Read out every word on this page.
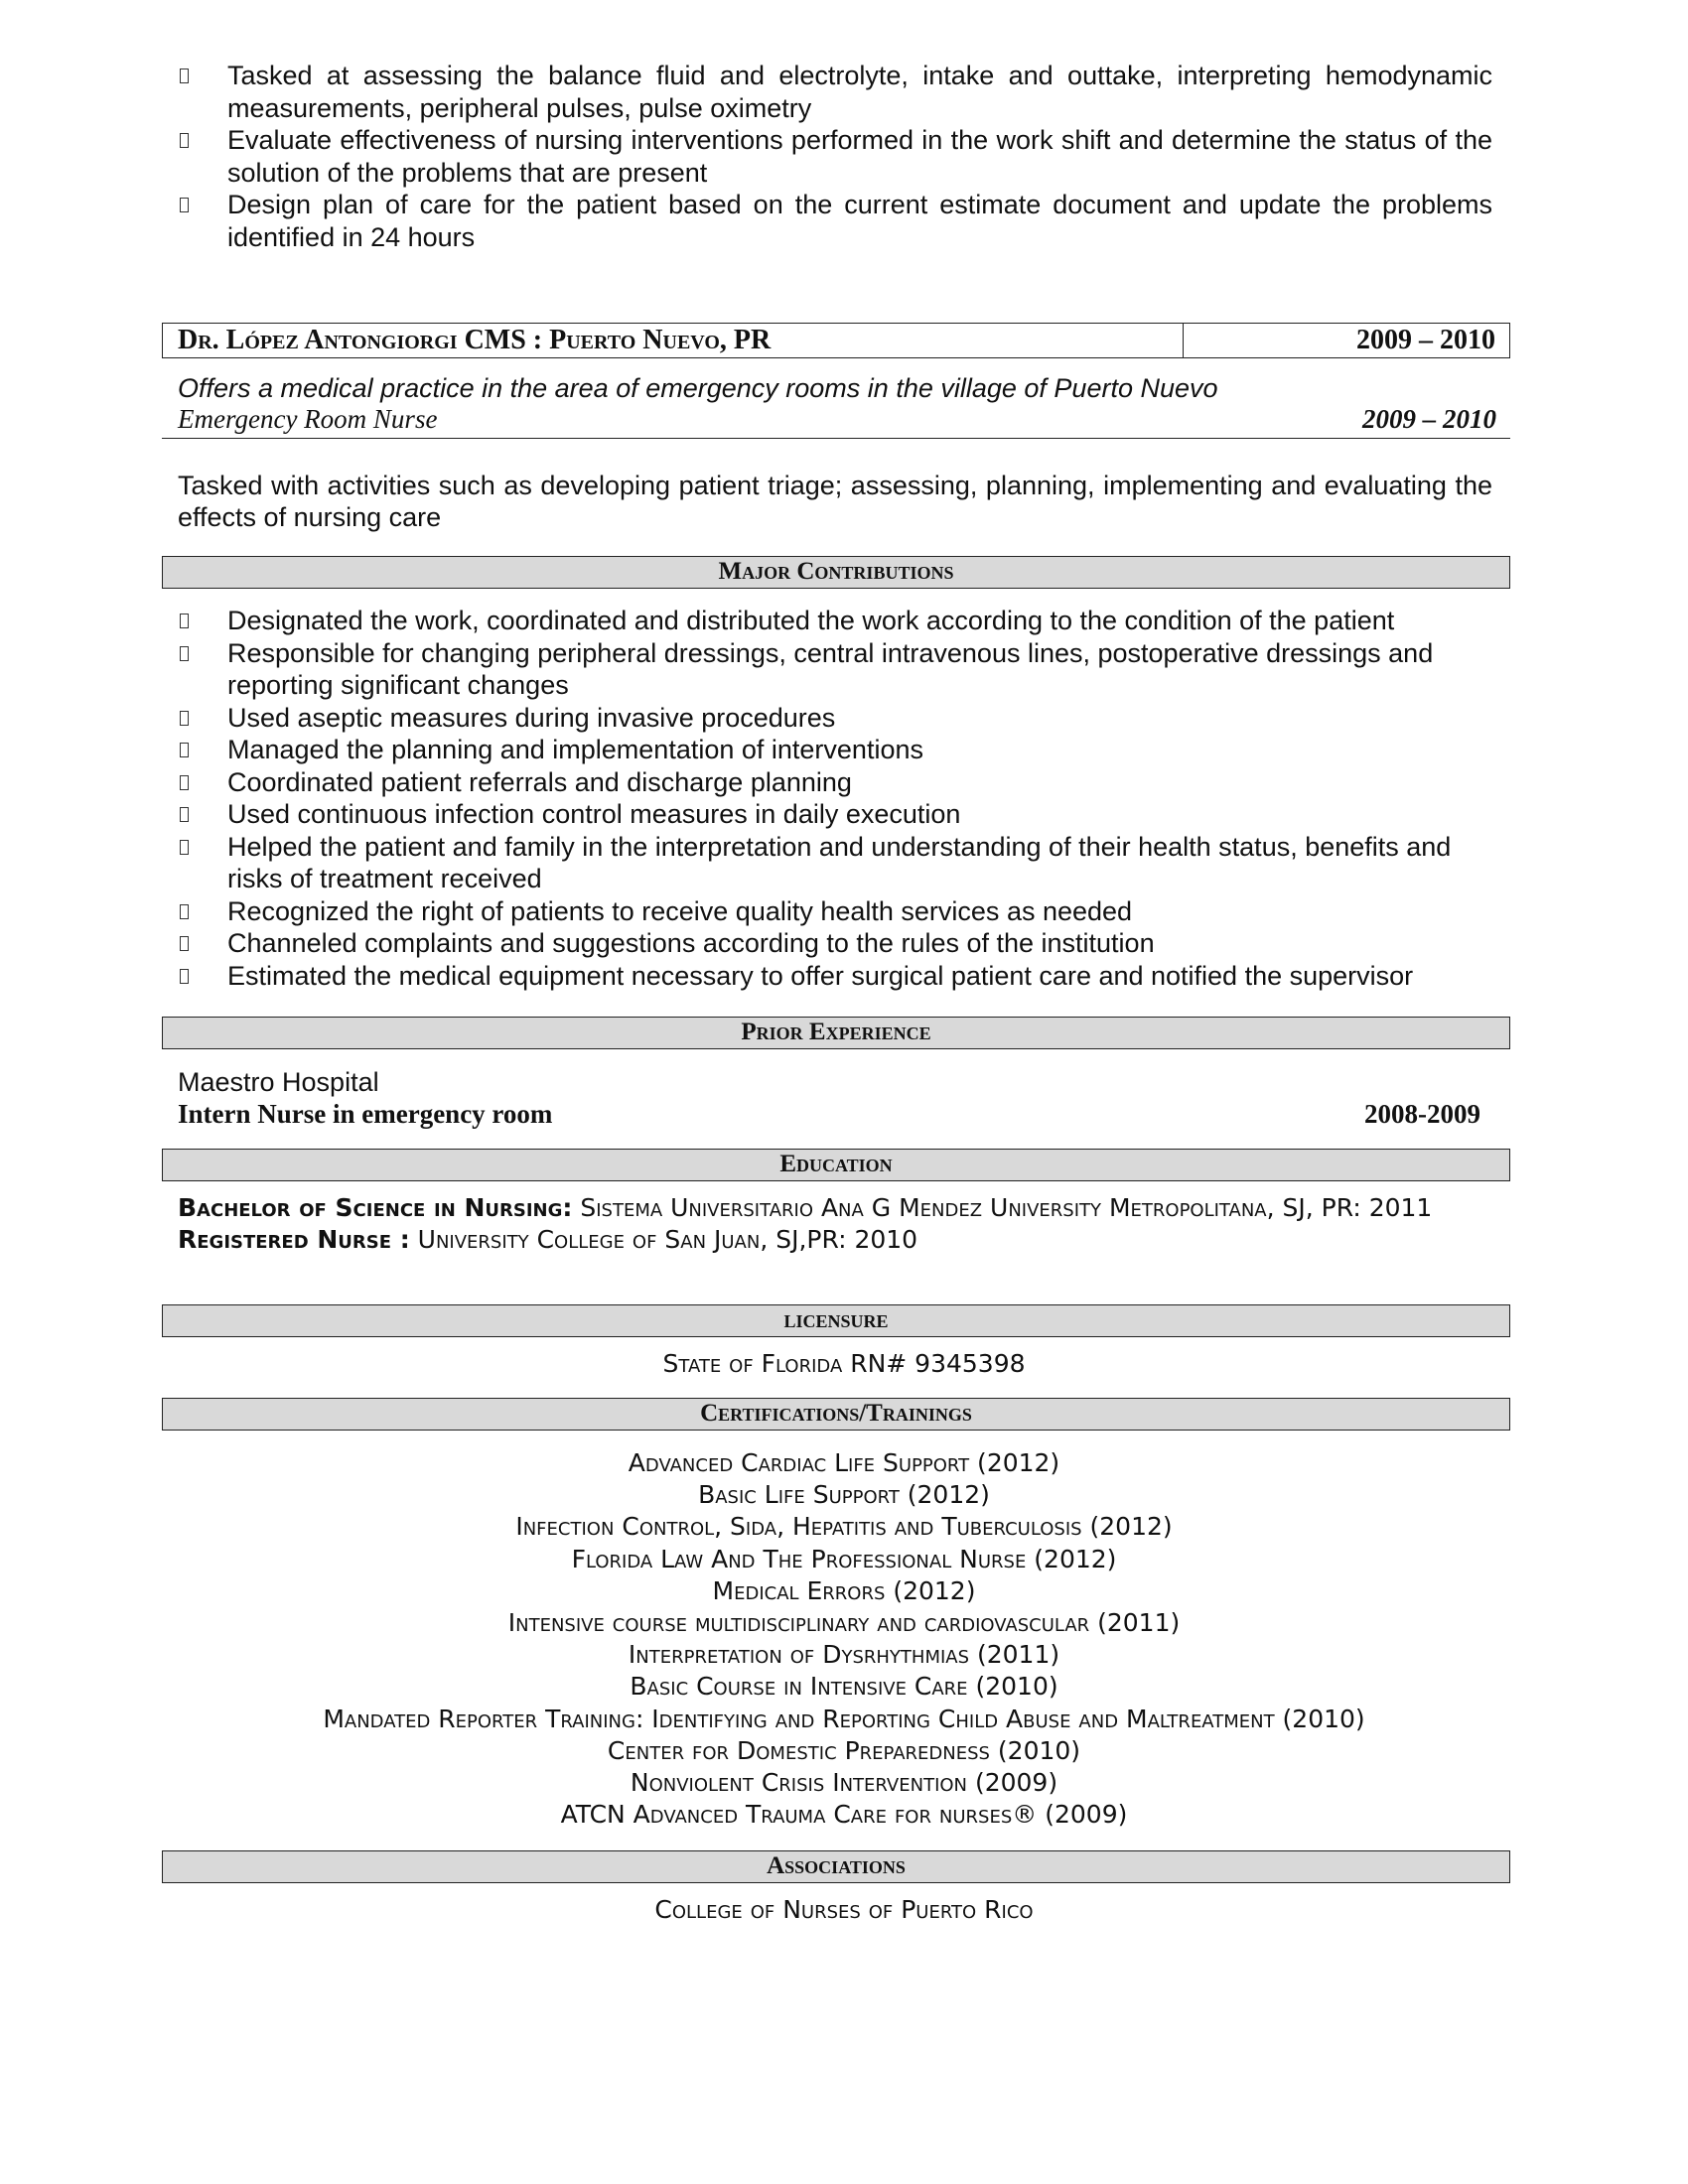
Tasked at assessing the balance fluid and electrolyte, intake and outtake, interpreting hemodynamic measurements, peripheral pulses, pulse oximetry
Evaluate effectiveness of nursing interventions performed in the work shift and determine the status of the solution of the problems that are present
Design plan of care for the patient based on the current estimate document and update the problems identified in 24 hours
Dr. López Antongiorgi CMS : Puerto Nuevo, PR	2009 – 2010
Offers a medical practice in the area of emergency rooms in the village of Puerto Nuevo
Emergency Room Nurse	2009 – 2010
Tasked with activities such as developing patient triage; assessing, planning, implementing and evaluating the effects of nursing care
Major Contributions
Designated the work, coordinated and distributed the work according to the condition of the patient
Responsible for changing peripheral dressings, central intravenous lines, postoperative dressings and reporting significant changes
Used aseptic measures during invasive procedures
Managed the planning and implementation of interventions
Coordinated patient referrals and discharge planning
Used continuous infection control measures in daily execution
Helped the patient and family in the interpretation and understanding of their health status, benefits and risks of treatment received
Recognized the right of patients to receive quality health services as needed
Channeled complaints and suggestions according to the rules of the institution
Estimated the medical equipment necessary to offer surgical patient care and notified the supervisor
Prior Experience
Maestro Hospital
Intern Nurse in emergency room	2008-2009
Education
Bachelor of Science in Nursing: Sistema Universitario Ana G Mendez University Metropolitana, SJ, PR: 2011
Registered Nurse : University College of San Juan, SJ,PR: 2010
licensure
State of Florida RN# 9345398
Certifications/Trainings
Advanced Cardiac Life Support (2012)
Basic Life Support (2012)
Infection Control, Sida, Hepatitis and Tuberculosis (2012)
Florida Law And The Professional Nurse (2012)
Medical Errors (2012)
Intensive course multidisciplinary and cardiovascular (2011)
Interpretation of Dysrhythmias (2011)
Basic Course in Intensive Care (2010)
Mandated Reporter Training: Identifying and Reporting Child Abuse and Maltreatment (2010)
Center for Domestic Preparedness (2010)
Nonviolent Crisis Intervention (2009)
ATCN Advanced Trauma Care for nurses® (2009)
Associations
College of Nurses of Puerto Rico
